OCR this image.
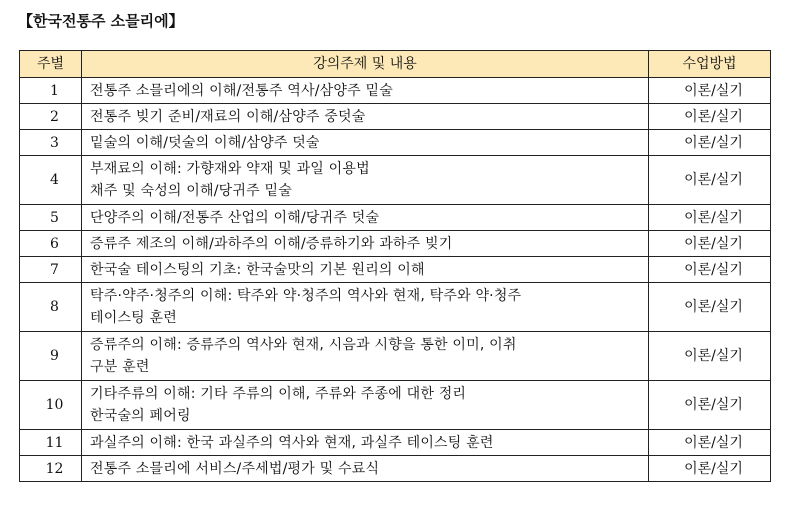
【한국전통주 소믈리에】
주별	강의주제 및 내용	수업방법
1	전통주 소믈리에의 이해/전통주 역사/삼양주 밑술	이론/실기
2	전통주 빚기 준비/재료의 이해/삼양주 중덧술	이론/실기
3	밑술의 이해/덧술의 이해/삼양주 덧술	이론/실기
4	부재료의 이해: 가향재와 약재 및 과일 이용법
채주 및 숙성의 이해/당귀주 밑술	이론/실기
5	단양주의 이해/전통주 산업의 이해/당귀주 덧술	이론/실기
6	증류주 제조의 이해/과하주의 이해/증류하기와 과하주 빚기	이론/실기
7	한국술 테이스팅의 기초: 한국술맛의 기본 원리의 이해	이론/실기
8	탁주·약주·청주의 이해: 탁주와 약·청주의 역사와 현재, 탁주와 약·청주
테이스팅 훈련	이론/실기
9	증류주의 이해: 증류주의 역사와 현재, 시음과 시향을 통한 이미, 이취
구분 훈련	이론/실기
10	기타주류의 이해: 기타 주류의 이해, 주류와 주종에 대한 정리
한국술의 페어링	이론/실기
11	과실주의 이해: 한국 과실주의 역사와 현재, 과실주 테이스팅 훈련	이론/실기
12	전통주 소믈리에 서비스/주세법/평가 및 수료식	이론/실기
